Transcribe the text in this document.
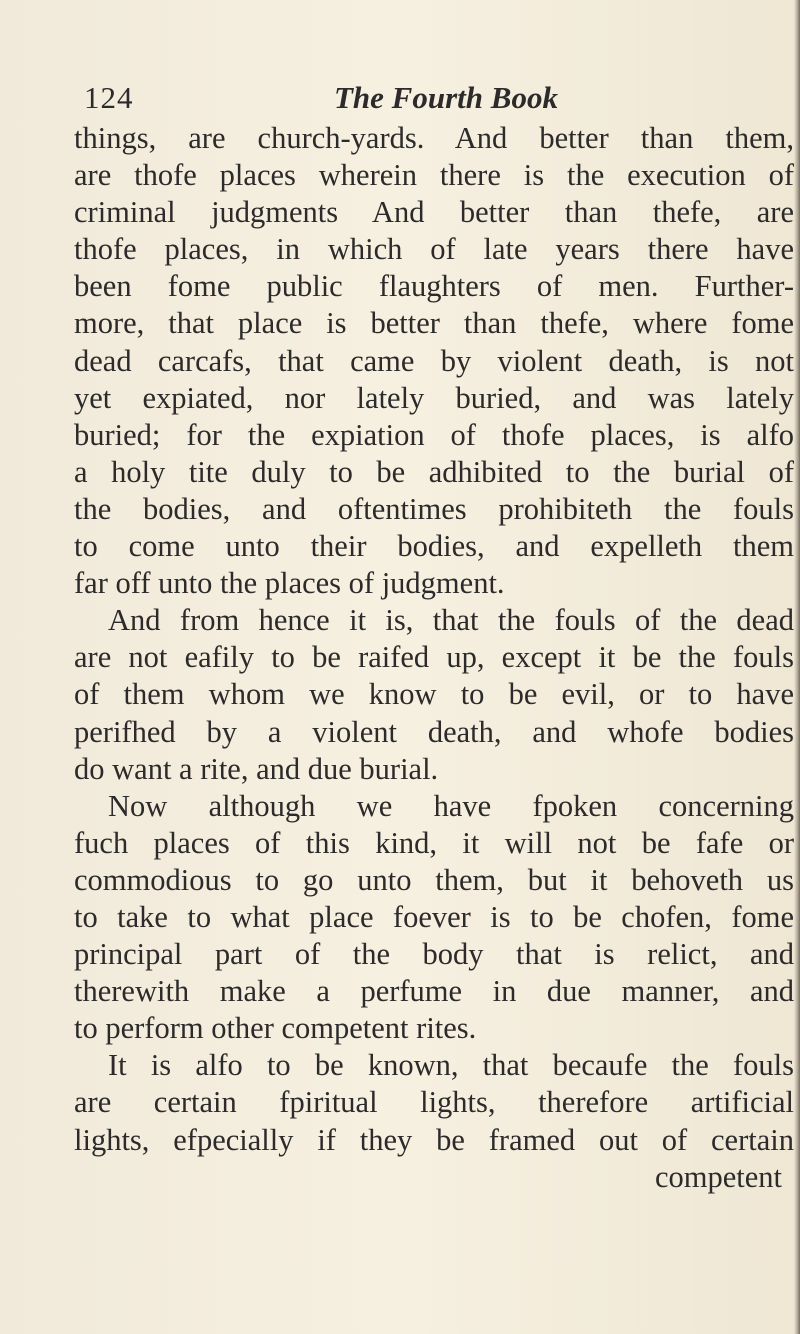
124	The Fourth Book
things, are church-yards. And better than them,
are thofe places wherein there is the execution of
criminal judgments And better than thefe, are
thofe places, in which of late years there have
been fome public flaughters of men. Further-
more, that place is better than thefe, where fome
dead carcafs, that came by violent death, is not
yet expiated, nor lately buried, and was lately
buried; for the expiation of thofe places, is alfo
a holy tite duly to be adhibited to the burial of
the bodies, and oftentimes prohibiteth the fouls
to come unto their bodies, and expelleth them
far off unto the places of judgment.
And from hence it is, that the fouls of the dead
are not eafily to be raifed up, except it be the fouls
of them whom we know to be evil, or to have
perifhed by a violent death, and whofe bodies
do want a rite, and due burial.
Now although we have fpoken concerning
fuch places of this kind, it will not be fafe or
commodious to go unto them, but it behoveth us
to take to what place foever is to be chofen, fome
principal part of the body that is relict, and
therewith make a perfume in due manner, and
to perform other competent rites.
It is alfo to be known, that becaufe the fouls
are certain fpiritual lights, therefore artificial
lights, efpecially if they be framed out of certain
competent
